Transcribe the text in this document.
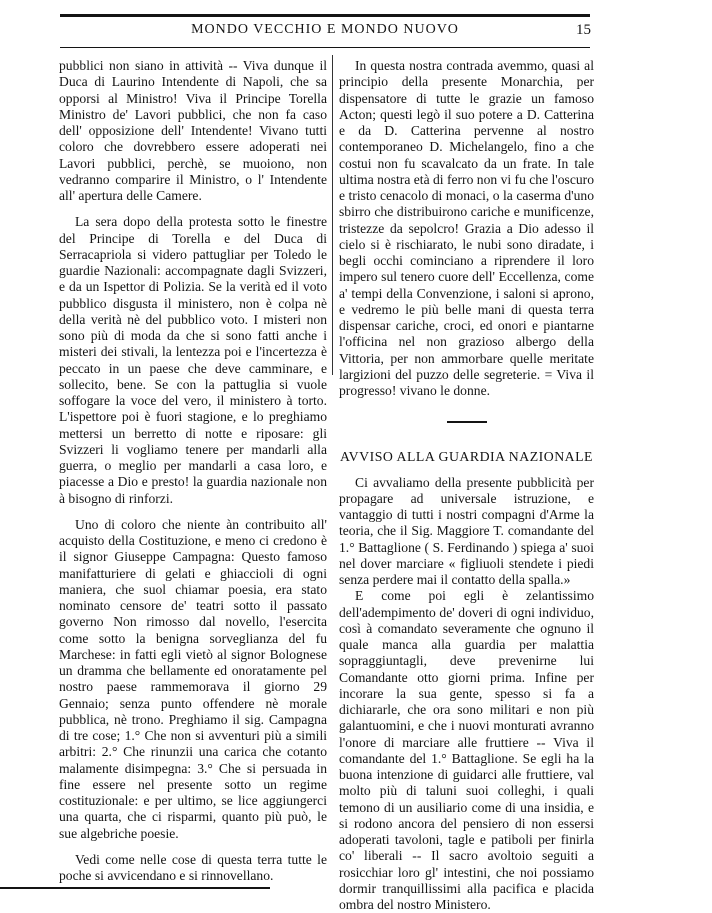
MONDO VECCHIO E MONDO NUOVO	15

pubblici non siano in attività -- Viva dunque il Duca di Laurino Intendente di Napoli, che sa opporsi al Ministro! Viva il Principe Torella Ministro de' Lavori pubblici, che non fa caso dell' opposizione dell' Intendente! Vivano tutti coloro che dovrebbero essere adoperati nei Lavori pubblici, perchè, se muoiono, non vedranno comparire il Ministro, o l' Intendente all' apertura delle Camere.

La sera dopo della protesta sotto le finestre del Principe di Torella e del Duca di Serracapriola si videro pattugliar per Toledo le guardie Nazionali: accompagnate dagli Svizzeri, e da un Ispettor di Polizia. Se la verità ed il voto pubblico disgusta il ministero, non è colpa nè della verità nè del pubblico voto. I misteri non sono più di moda da che si sono fatti anche i misteri dei stivali, la lentezza poi e l'incertezza è peccato in un paese che deve camminare, e sollecito, bene. Se con la pattuglia si vuole soffogare la voce del vero, il ministero à torto. L'ispettore poi è fuori stagione, e lo preghiamo mettersi un berretto di notte e riposare: gli Svizzeri li vogliamo tenere per mandarli alla guerra, o meglio per mandarli a casa loro, e piacesse a Dio e presto! la guardia nazionale non à bisogno di rinforzi.

Uno di coloro che niente àn contribuito all' acquisto della Costituzione, e meno ci credono è il signor Giuseppe Campagna: Questo famoso manifatturiere di gelati e ghiaccioli di ogni maniera, che suol chiamar poesia, era stato nominato censore de' teatri sotto il passato governo Non rimosso dal novello, l'esercita come sotto la benigna sorveglianza del fu Marchese: in fatti egli vietò al signor Bolognese un dramma che bellamente ed onoratamente pel nostro paese rammemorava il giorno 29 Gennaio; senza punto offendere nè morale pubblica, nè trono. Preghiamo il sig. Campagna di tre cose; 1.° Che non si avventuri più a simili arbitri: 2.° Che rinunzii una carica che cotanto malamente disimpegna: 3.° Che si persuada in fine essere nel presente sotto un regime costituzionale: e per ultimo, se lice aggiungerci una quarta, che ci risparmi, quanto più può, le sue algebriche poesie.

Vedi come nelle cose di questa terra tutte le poche si avvicendano e si rinnovellano.

In questa nostra contrada avemmo, quasi al principio della presente Monarchia, per dispensatore di tutte le grazie un famoso Acton; questi legò il suo potere a D. Catterina e da D. Catterina pervenne al nostro contemporaneo D. Michelangelo, fino a che costui non fu scavalcato da un frate. In tale ultima nostra età di ferro non vi fu che l'oscuro e tristo cenacolo di monaci, o la caserma d'uno sbirro che distribuirono cariche e munificenze, tristezze da sepolcro! Grazia a Dio adesso il cielo si è rischiarato, le nubi sono diradate, i begli occhi cominciano a riprendere il loro impero sul tenero cuore dell' Eccellenza, come a' tempi della Convenzione, i saloni si aprono, e vedremo le più belle mani di questa terra dispensar cariche, croci, ed onori e piantarne l'officina nel non grazioso albergo della Vittoria, per non ammorbare quelle meritate largizioni del puzzo delle segreterie. = Viva il progresso! vivano le donne.

AVVISO ALLA GUARDIA NAZIONALE

Ci avvaliamo della presente pubblicità per propagare ad universale istruzione, e vantaggio di tutti i nostri compagni d'Arme la teoria, che il Sig. Maggiore T. comandante del 1.° Battaglione ( S. Ferdinando ) spiega a' suoi nel dover marciare « figliuoli stendete i piedi senza perdere mai il contatto della spalla.»

E come poi egli è zelantissimo dell'adempimento de' doveri di ogni individuo, così à comandato severamente che ognuno il quale manca alla guardia per malattia sopraggiuntagli, deve prevenirne lui Comandante otto giorni prima. Infine per incorare la sua gente, spesso si fa a dichiararle, che ora sono militari e non più galantuomini, e che i nuovi monturati avranno l'onore di marciare alle fruttiere -- Viva il comandante del 1.° Battaglione. Se egli ha la buona intenzione di guidarci alle fruttiere, val molto più di taluni suoi colleghi, i quali temono di un ausiliario come di una insidia, e si rodono ancora del pensiero di non essersi adoperati tavoloni, tagle e patiboli per finirla co' liberali -- Il sacro avoltoio seguiti a rosicchiar loro gl' intestini, che noi possiamo dormir tranquillissimi alla pacifica e placida ombra del nostro Ministero.
